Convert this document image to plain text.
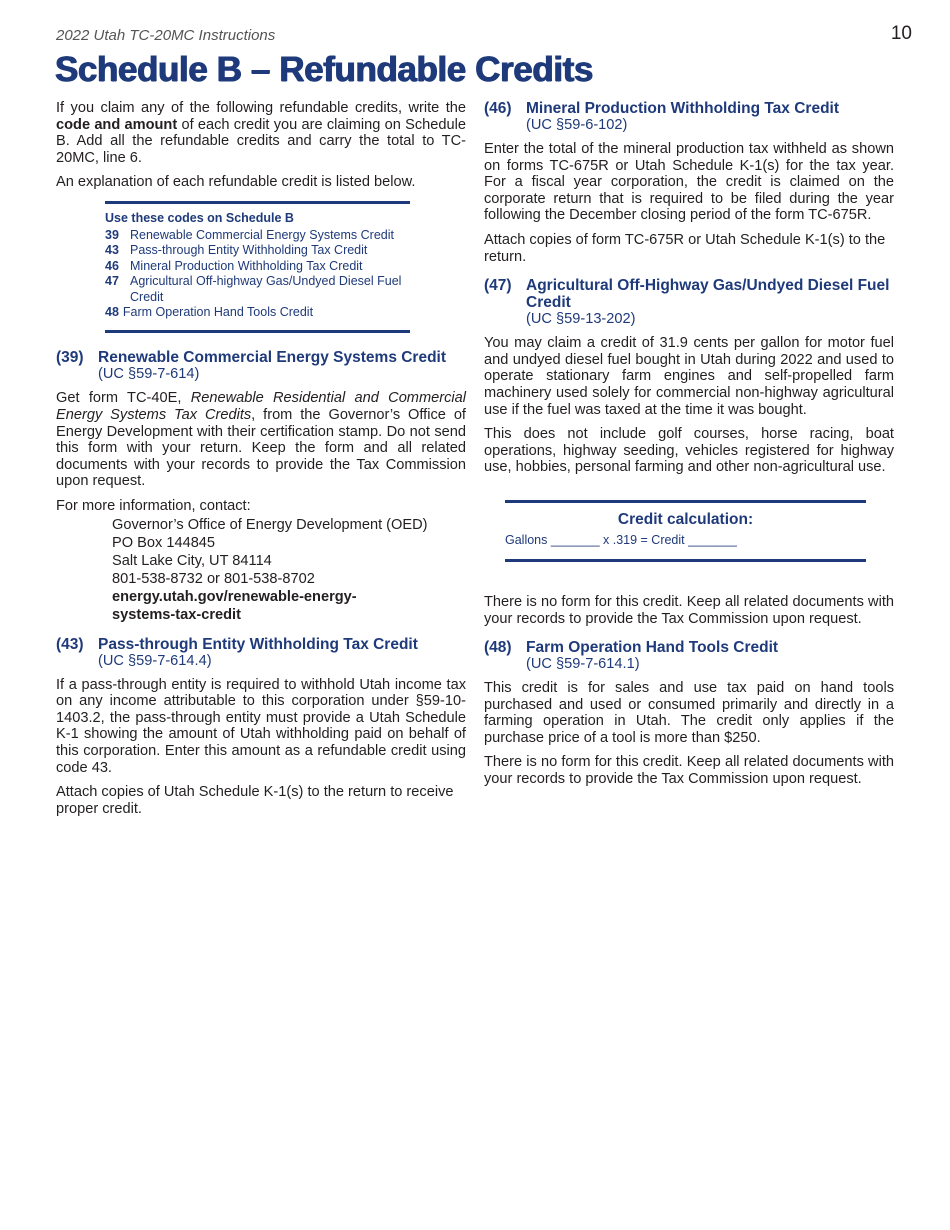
2022 Utah TC-20MC Instructions	10
Schedule B – Refundable Credits

If you claim any of the following refundable credits, write the code and amount of each credit you are claiming on Schedule B. Add all the refundable credits and carry the total to TC-20MC, line 6.

An explanation of each refundable credit is listed below.

Use these codes on Schedule B
39 Renewable Commercial Energy Systems Credit
43 Pass-through Entity Withholding Tax Credit
46 Mineral Production Withholding Tax Credit
47 Agricultural Off-highway Gas/Undyed Diesel Fuel Credit
48 Farm Operation Hand Tools Credit
(39) Renewable Commercial Energy Systems Credit
(UC §59-7-614)

Get form TC-40E, Renewable Residential and Commercial Energy Systems Tax Credits, from the Governor’s Office of Energy Development with their certification stamp. Do not send this form with your return. Keep the form and all related documents with your records to provide the Tax Commission upon request.

For more information, contact:

Governor’s Office of Energy Development (OED)
PO Box 144845
Salt Lake City, UT 84114
801-538-8732 or 801-538-8702
energy.utah.gov/renewable-energy-
systems-tax-credit
(43) Pass-through Entity Withholding Tax Credit
(UC §59-7-614.4)

If a pass-through entity is required to withhold Utah income tax on any income attributable to this corporation under §59-10-1403.2, the pass-through entity must provide a Utah Schedule K-1 showing the amount of Utah withholding paid on behalf of this corporation. Enter this amount as a refundable credit using code 43.

Attach copies of Utah Schedule K-1(s) to the return to receive proper credit.

(46) Mineral Production Withholding Tax Credit
(UC §59-6-102)

Enter the total of the mineral production tax withheld as shown on forms TC-675R or Utah Schedule K-1(s) for the tax year. For a fiscal year corporation, the credit is claimed on the corporate return that is required to be filed during the year following the December closing period of the form TC-675R.

Attach copies of form TC-675R or Utah Schedule K-1(s) to the return.

(47) Agricultural Off-Highway Gas/Undyed Diesel Fuel Credit
(UC §59-13-202)

You may claim a credit of 31.9 cents per gallon for motor fuel and undyed diesel fuel bought in Utah during 2022 and used to operate stationary farm engines and self-propelled farm machinery used solely for commercial non-highway agricultural use if the fuel was taxed at the time it was bought.

This does not include golf courses, horse racing, boat operations, highway seeding, vehicles registered for highway use, hobbies, personal farming and other non-agricultural use.

Credit calculation:
Gallons _______ x .319 = Credit _______

There is no form for this credit. Keep all related documents with your records to provide the Tax Commission upon request.

(48) Farm Operation Hand Tools Credit
(UC §59-7-614.1)

This credit is for sales and use tax paid on hand tools purchased and used or consumed primarily and directly in a farming operation in Utah. The credit only applies if the purchase price of a tool is more than $250.

There is no form for this credit. Keep all related documents with your records to provide the Tax Commission upon request.
